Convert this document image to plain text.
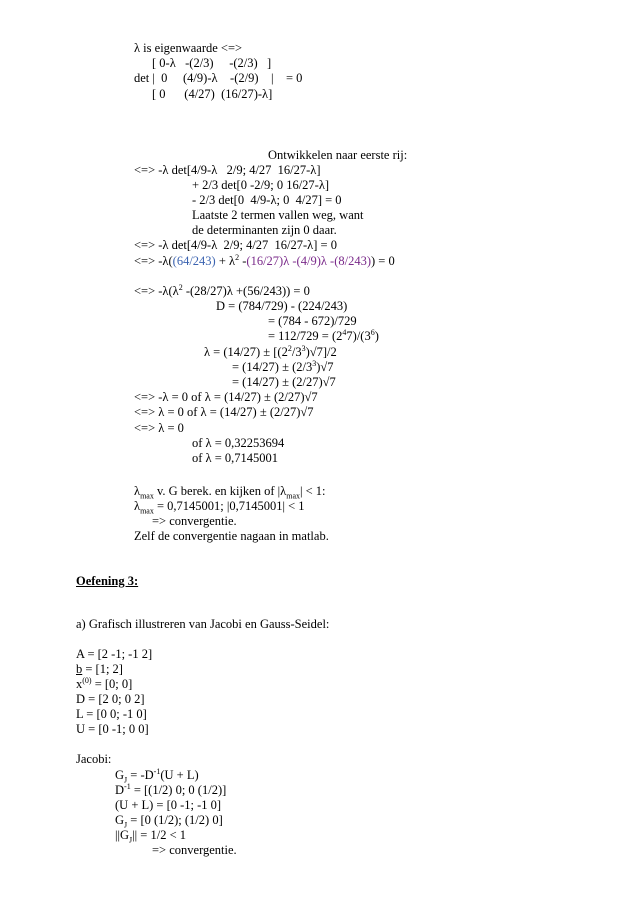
λ is eigenwaarde <=>
[ 0-λ   -(2/3)     -(2/3)   ]
det |  0     (4/9)-λ    -(2/9)    |    = 0
[ 0      (4/27)  (16/27)-λ]
Ontwikkelen naar eerste rij:
<=> -λ det[4/9-λ   2/9; 4/27  16/27-λ]
+ 2/3 det[0 -2/9; 0 16/27-λ]
- 2/3 det[0  4/9-λ; 0  4/27] = 0
Laatste 2 termen vallen weg, want
de determinanten zijn 0 daar.
<=> -λ det[4/9-λ  2/9; 4/27  16/27-λ] = 0
<=> $-\lambda((64/243) + \lambda^2$ -(16/27)λ -(4/9)λ -(8/243)) = 0
<=> $-\lambda(\lambda^2$ -(28/27)λ +(56/243)) = 0
D = (784/729) - (224/243)
= (784 - 672)/729
= $112/729 = (2^47)/(3^6)$
$\lambda = (14/27) \pm [(2^2/3^3)√7]/2$
= $(14/27) \pm (2/3^3)√7$
= (14/27) ± (2/27)√7
<=> -λ = 0 of λ = (14/27) ± (2/27)√7
<=> λ = 0 of λ = (14/27) ± (2/27)√7
<=> λ = 0
of λ = 0,32253694
of λ = 0,7145001
$\lambda_{max}$ v. G berek. en kijken of $|\lambda_{max}| < 1$:
$\lambda_{max} = 0,7145001$; |0,7145001| < 1
=> convergentie.
Zelf de convergentie nagaan in matlab.
Oefening 3:
a) Grafisch illustreren van Jacobi en Gauss-Seidel:
A = [2 -1; -1 2]
b = [1; 2]
$x^{(0)} = [0$; 0]
D = [2 0; 0 2]
L = [0 0; -1 0]
U = [0 -1; 0 0]
Jacobi:
$G_J = -D^{-1}(U + L)$
$D^{-1} = [(1/2)$ 0; 0 (1/2)]
(U + L) = [0 -1; -1 0]
$G_J = [0$ (1/2); (1/2) 0]
$||G_J|| = 1/2 < 1$
=> convergentie.
